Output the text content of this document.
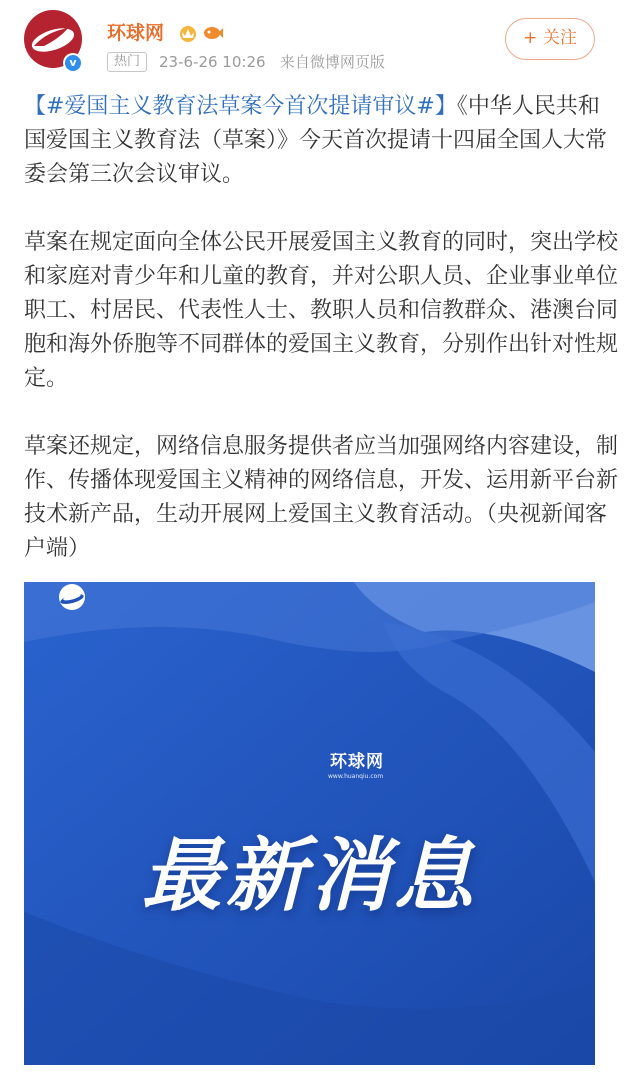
v
环球网
热门	23-6-26 10:26 来自微博网页版
+ 关注

【#爱国主义教育法草案今首次提请审议#】《中华人民共和国爱国主义教育法（草案）》今天首次提请十四届全国人大常委会第三次会议审议。

草案在规定面向全体公民开展爱国主义教育的同时，突出学校和家庭对青少年和儿童的教育，并对公职人员、企业事业单位职工、村居民、代表性人士、教职人员和信教群众、港澳台同胞和海外侨胞等不同群体的爱国主义教育，分别作出针对性规定。

草案还规定，网络信息服务提供者应当加强网络内容建设，制作、传播体现爱国主义精神的网络信息，开发、运用新平台新技术新产品，生动开展网上爱国主义教育活动。（央视新闻客户端）

环球网
www.huanqiu.com
最新消息
